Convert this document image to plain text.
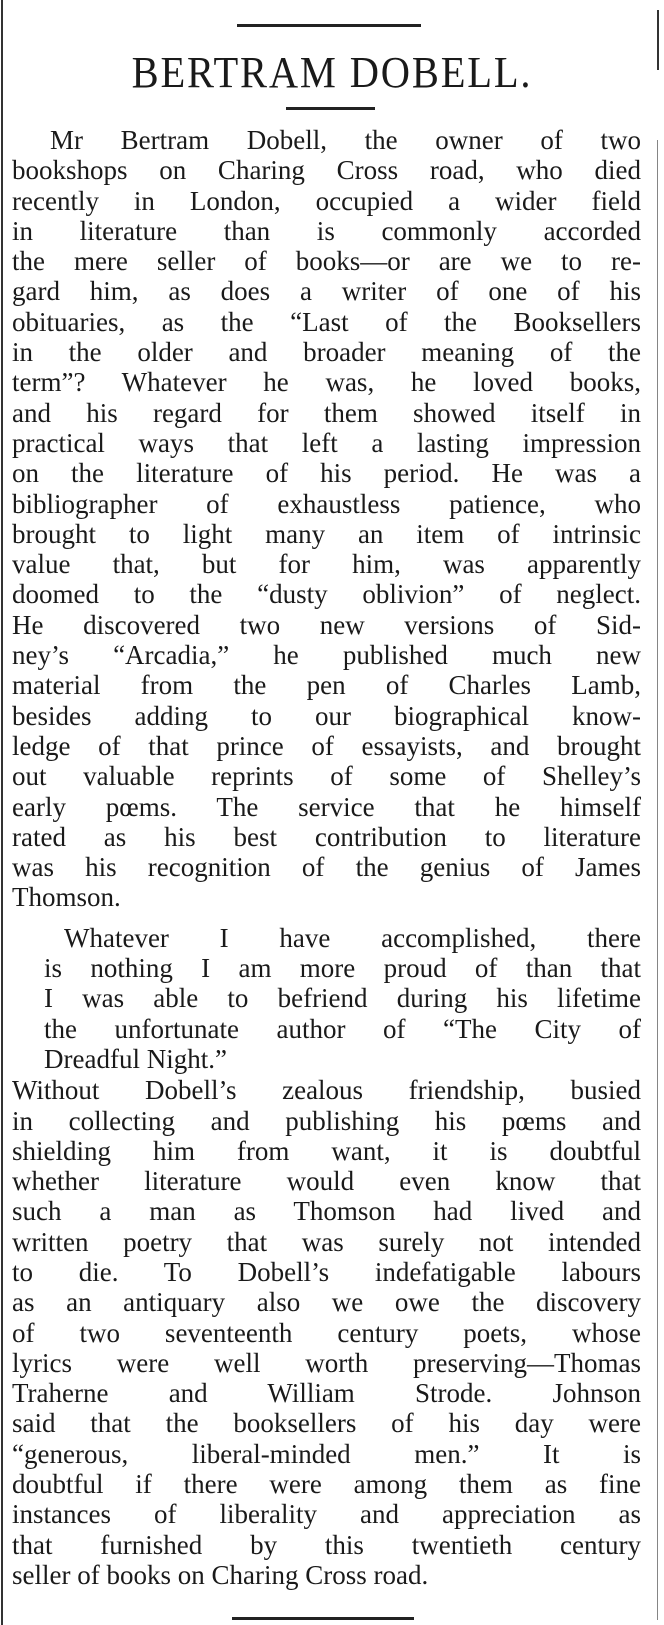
BERTRAM DOBELL.
Mr Bertram Dobell, the owner of two
bookshops on Charing Cross road, who died
recently in London, occupied a wider field
in literature than is commonly accorded
the mere seller of books—or are we to re-
gard him, as does a writer of one of his
obituaries, as the “Last of the Booksellers
in the older and broader meaning of the
term”? Whatever he was, he loved books,
and his regard for them showed itself in
practical ways that left a lasting impression
on the literature of his period. He was a
bibliographer of exhaustless patience, who
brought to light many an item of intrinsic
value that, but for him, was apparently
doomed to the “dusty oblivion” of neglect.
He discovered two new versions of Sid-
ney’s “Arcadia,” he published much new
material from the pen of Charles Lamb,
besides adding to our biographical know-
ledge of that prince of essayists, and brought
out valuable reprints of some of Shelley’s
early pœms. The service that he himself
rated as his best contribution to literature
was his recognition of the genius of James
Thomson.
Whatever I have accomplished, there
is nothing I am more proud of than that
I was able to befriend during his lifetime
the unfortunate author of “The City of
Dreadful Night.”
Without Dobell’s zealous friendship, busied
in collecting and publishing his pœms and
shielding him from want, it is doubtful
whether literature would even know that
such a man as Thomson had lived and
written poetry that was surely not intended
to die. To Dobell’s indefatigable labours
as an antiquary also we owe the discovery
of two seventeenth century poets, whose
lyrics were well worth preserving—Thomas
Traherne and William Strode. Johnson
said that the booksellers of his day were
“generous, liberal-minded men.” It is
doubtful if there were among them as fine
instances of liberality and appreciation as
that furnished by this twentieth century
seller of books on Charing Cross road.
